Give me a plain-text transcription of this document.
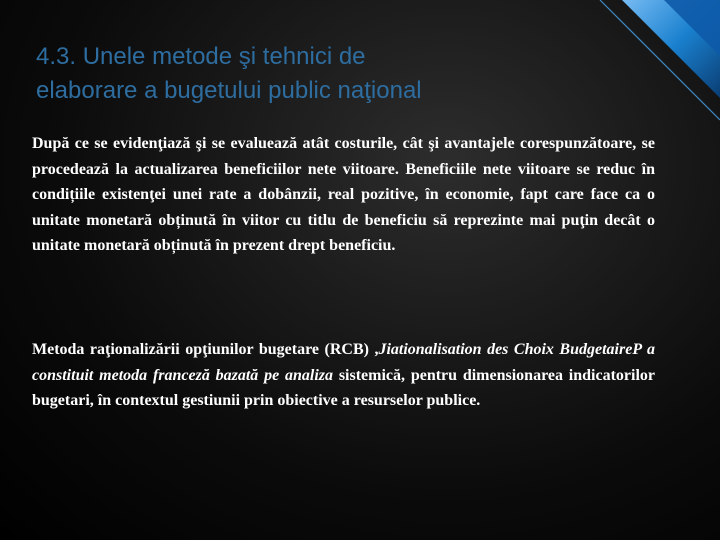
4.3. Unele metode şi tehnici de
elaborare a bugetului public naţional

După ce se evidenţiază şi se evaluează atât costurile, cât şi avantajele corespunzătoare, se procedează la actualizarea beneficiilor nete viitoare. Beneficiile nete viitoare se reduc în condițiile existenţei unei rate a dobânzii, real pozitive, în economie, fapt care face ca o unitate monetară obținută în viitor cu titlu de beneficiu să reprezinte mai puţin decât o unitate monetară obținută în prezent drept beneficiu.

Metoda raţionalizării opţiunilor bugetare (RCB) ,Jiationalisation des Choix BudgetaireP a constituit metoda franceză bazată pe analiza sistemică, pentru dimensionarea indicatorilor bugetari, în contextul gestiunii prin obiective a resurselor publice.
